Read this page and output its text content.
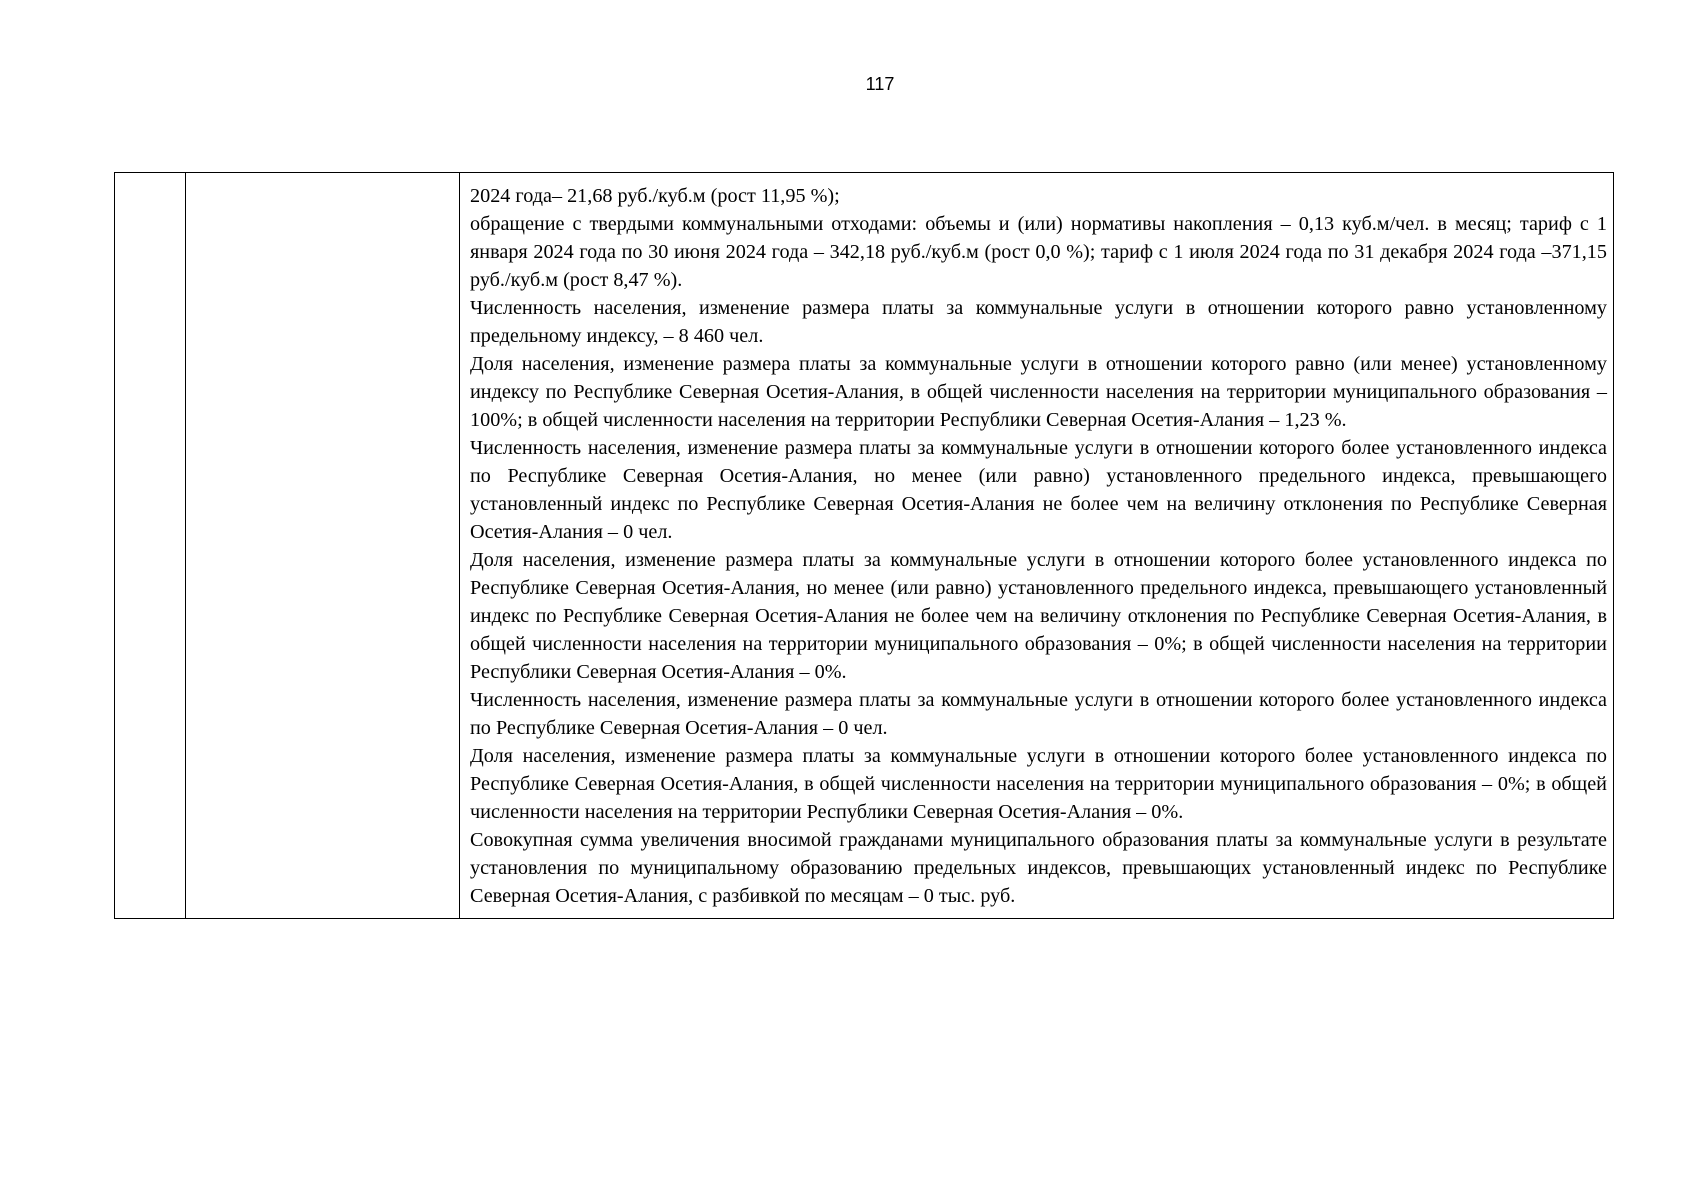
117

2024 года– 21,68 руб./куб.м (рост 11,95 %);

обращение с твердыми коммунальными отходами: объемы и (или) нормативы накопления – 0,13 куб.м/чел. в месяц; тариф с 1 января 2024 года по 30 июня 2024 года – 342,18 руб./куб.м (рост 0,0 %); тариф с 1 июля 2024 года по 31 декабря 2024 года –371,15 руб./куб.м (рост 8,47 %).

Численность населения, изменение размера платы за коммунальные услуги в отношении которого равно установленному предельному индексу, – 8 460 чел.

Доля населения, изменение размера платы за коммунальные услуги в отношении которого равно (или менее) установленному индексу по Республике Северная Осетия-Алания, в общей численности населения на территории муниципального образования – 100%; в общей численности населения на территории Республики Северная Осетия-Алания – 1,23 %.

Численность населения, изменение размера платы за коммунальные услуги в отношении которого более установленного индекса по Республике Северная Осетия-Алания, но менее (или равно) установленного предельного индекса, превышающего установленный индекс по Республике Северная Осетия-Алания не более чем на величину отклонения по Республике Северная Осетия-Алания – 0 чел.

Доля населения, изменение размера платы за коммунальные услуги в отношении которого более установленного индекса по Республике Северная Осетия-Алания, но менее (или равно) установленного предельного индекса, превышающего установленный индекс по Республике Северная Осетия-Алания не более чем на величину отклонения по Республике Северная Осетия-Алания, в общей численности населения на территории муниципального образования – 0%; в общей численности населения на территории Республики Северная Осетия-Алания – 0%.

Численность населения, изменение размера платы за коммунальные услуги в отношении которого более установленного индекса по Республике Северная Осетия-Алания – 0 чел.

Доля населения, изменение размера платы за коммунальные услуги в отношении которого более установленного индекса по Республике Северная Осетия-Алания, в общей численности населения на территории муниципального образования – 0%; в общей численности населения на территории Республики Северная Осетия-Алания – 0%.

Совокупная сумма увеличения вносимой гражданами муниципального образования платы за коммунальные услуги в результате установления по муниципальному образованию предельных индексов, превышающих установленный индекс по Республике Северная Осетия-Алания, с разбивкой по месяцам – 0 тыс. руб.
